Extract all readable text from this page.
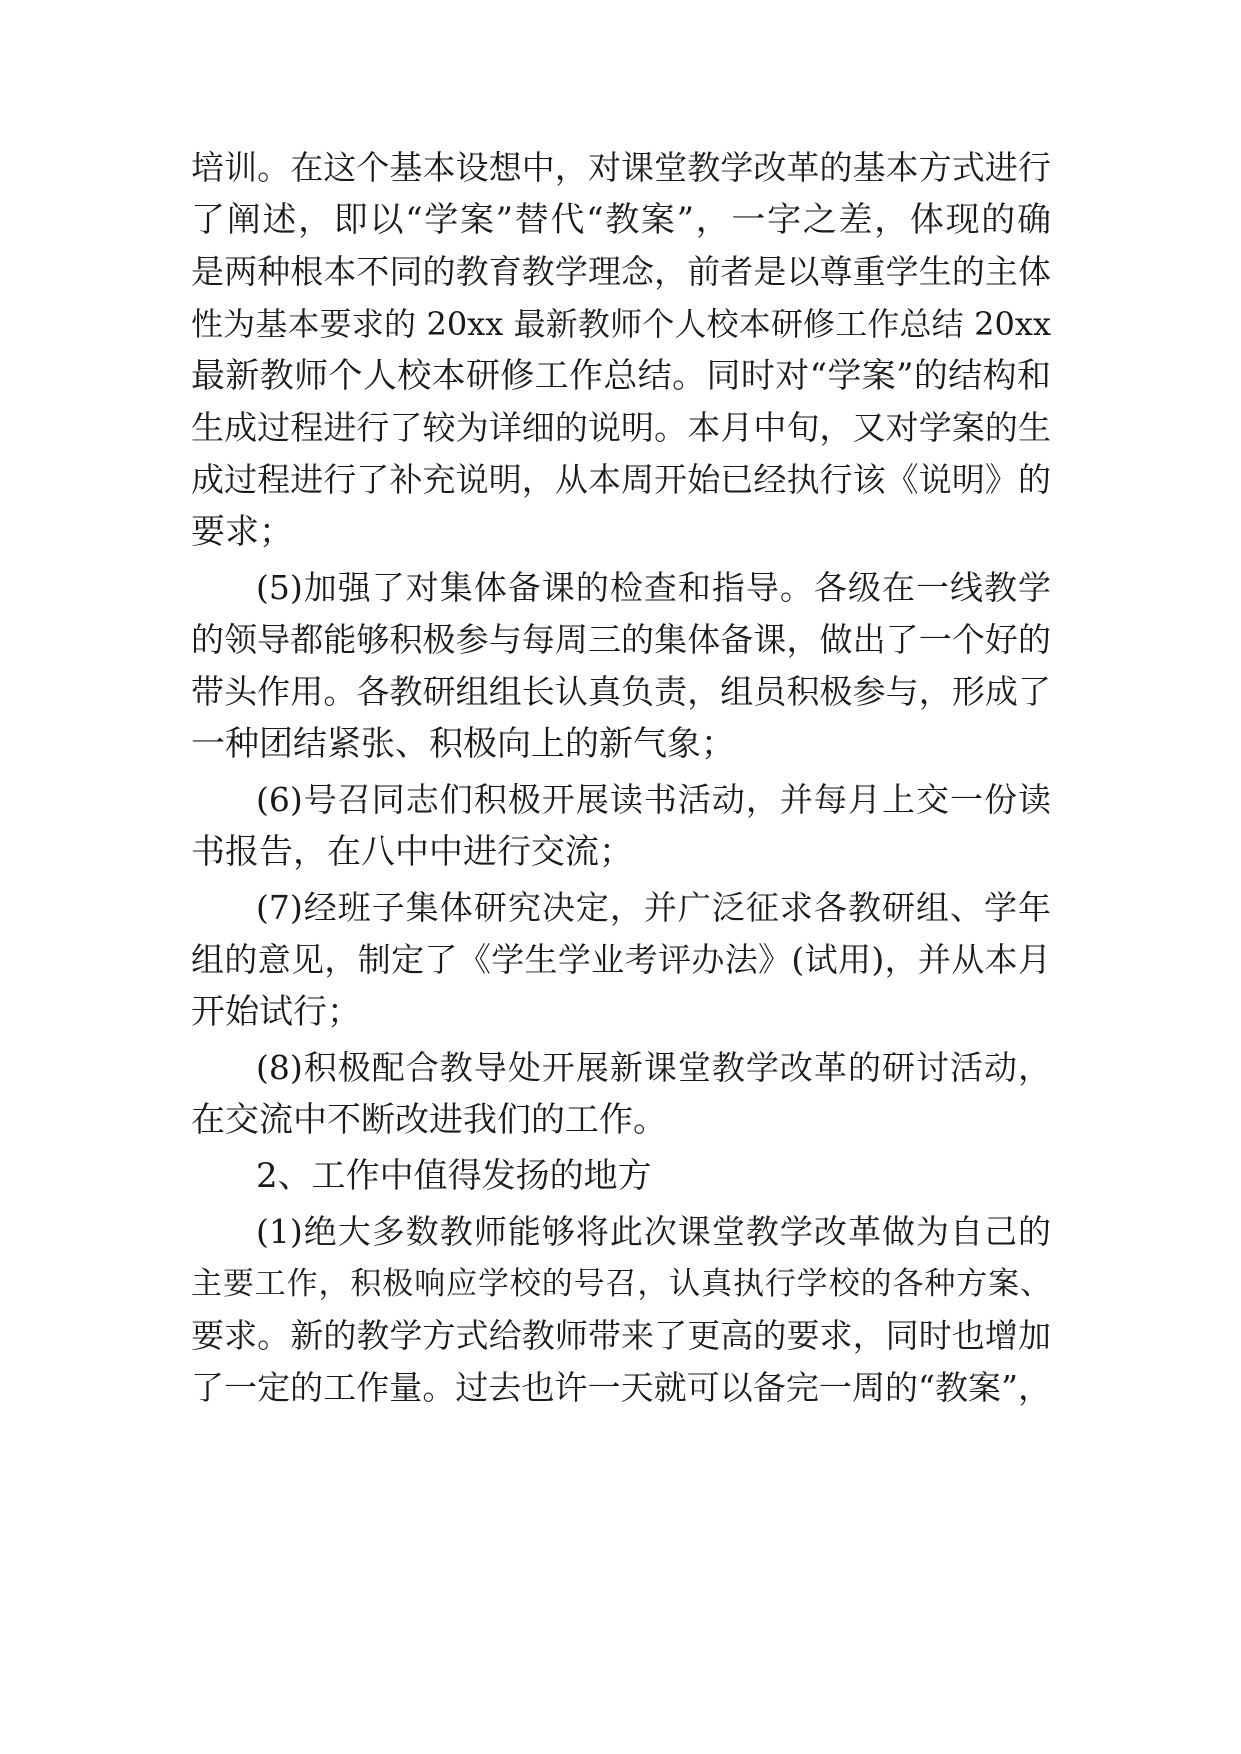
培训。在这个基本设想中，对课堂教学改革的基本方式进行
了阐述，即以“学案”替代“教案”，一字之差，体现的确
是两种根本不同的教育教学理念，前者是以尊重学生的主体
性为基本要求的 20xx 最新教师个人校本研修工作总结 20xx
最新教师个人校本研修工作总结。同时对“学案”的结构和
生成过程进行了较为详细的说明。本月中旬，又对学案的生
成过程进行了补充说明，从本周开始已经执行该《说明》的
要求；
(5)加强了对集体备课的检查和指导。各级在一线教学
的领导都能够积极参与每周三的集体备课，做出了一个好的
带头作用。各教研组组长认真负责，组员积极参与，形成了
一种团结紧张、积极向上的新气象；
(6)号召同志们积极开展读书活动，并每月上交一份读
书报告，在八中中进行交流；
(7)经班子集体研究决定，并广泛征求各教研组、学年
组的意见，制定了《学生学业考评办法》(试用)，并从本月
开始试行；
(8)积极配合教导处开展新课堂教学改革的研讨活动，
在交流中不断改进我们的工作。
2、工作中值得发扬的地方
(1)绝大多数教师能够将此次课堂教学改革做为自己的
主要工作，积极响应学校的号召，认真执行学校的各种方案、
要求。新的教学方式给教师带来了更高的要求，同时也增加
了一定的工作量。过去也许一天就可以备完一周的“教案”，
